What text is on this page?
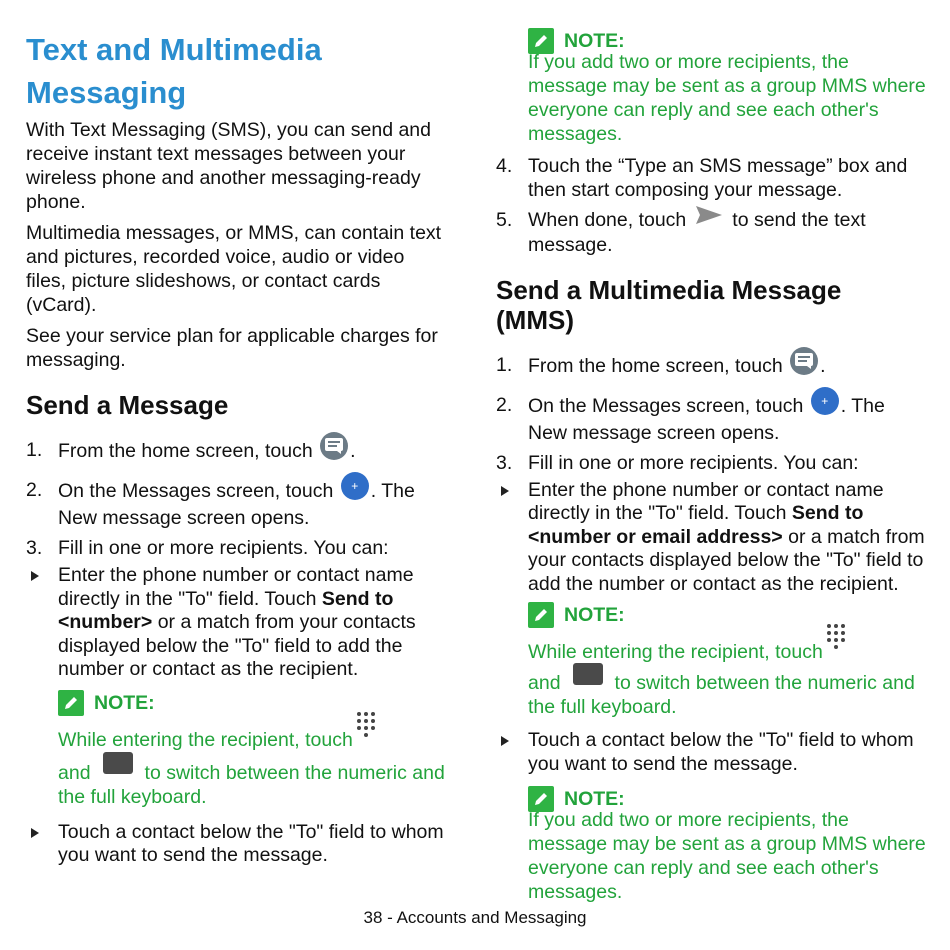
Text and Multimedia Messaging

With Text Messaging (SMS), you can send and receive instant text messages between your wireless phone and another messaging-ready phone.

Multimedia messages, or MMS, can contain text and pictures, recorded voice, audio or video files, picture slideshows, or contact cards (vCard).

See your service plan for applicable charges for messaging.

Send a Message
1. From the home screen, touch .
2. On the Messages screen, touch + . The New message screen opens.
3. Fill in one or more recipients. You can:
Enter the phone number or contact name directly in the "To" field. Touch Send to <number> or a match from your contacts displayed below the "To" field to add the number or contact as the recipient.
NOTE:
While entering the recipient, touch
and	to switch between the numeric and the full keyboard.
Touch a contact below the "To" field to whom you want to send the message.
NOTE:
If you add two or more recipients, the message may be sent as a group MMS where everyone can reply and see each other's messages.
4. Touch the “Type an SMS message” box and then start composing your message.
5. When done, touch to send the text message.
Send a Multimedia Message (MMS)
1. From the home screen, touch .
2. On the Messages screen, touch + . The New message screen opens.
3. Fill in one or more recipients. You can:
Enter the phone number or contact name directly in the "To" field. Touch Send to <number or email address> or a match from your contacts displayed below the "To" field to add the number or contact as the recipient.
NOTE:
While entering the recipient, touch
and	to switch between the numeric and the full keyboard.
Touch a contact below the "To" field to whom you want to send the message.
NOTE:
If you add two or more recipients, the message may be sent as a group MMS where everyone can reply and see each other's messages.
38 - Accounts and Messaging
